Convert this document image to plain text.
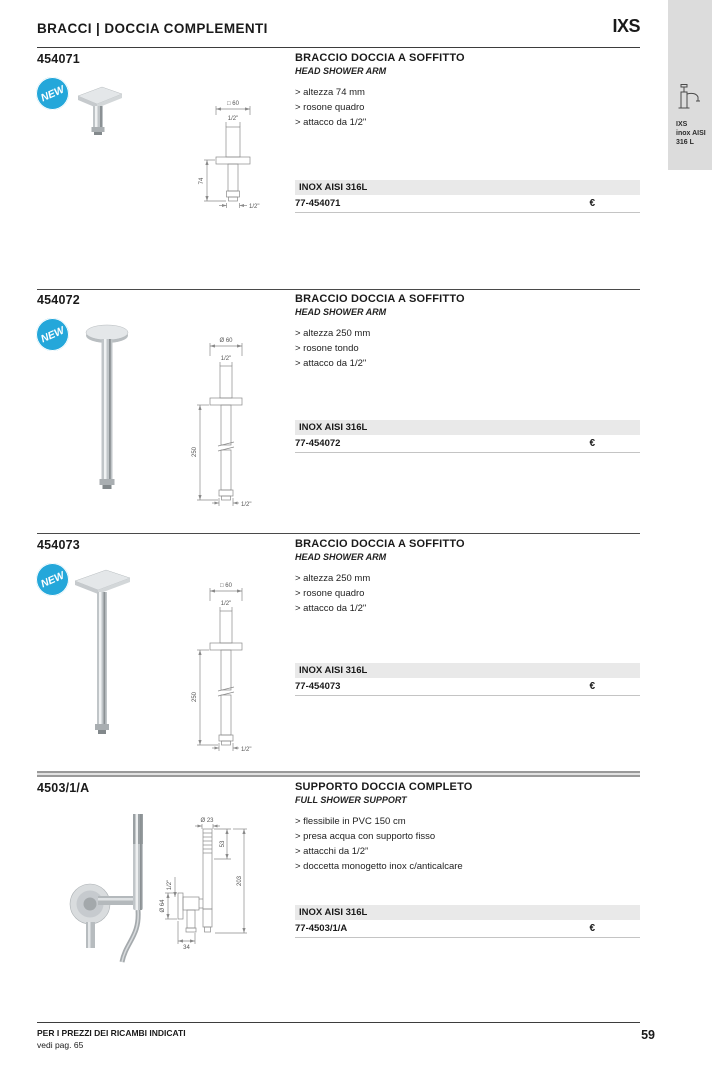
BRACCI | DOCCIA COMPLEMENTI	IXS
IXS
inox AISI
316 L
454071
NEW
□ 60
1/2"
1/2"
74
BRACCIO DOCCIA A SOFFITTO
HEAD SHOWER ARM
> altezza 74 mm
> rosone quadro
> attacco da 1/2"
INOX AISI 316L
77-454071	€
454072
NEW	Ø 60
1/2"
1/2"
250
BRACCIO DOCCIA A SOFFITTO
HEAD SHOWER ARM
> altezza 250 mm
> rosone tondo
> attacco da 1/2"
INOX AISI 316L
77-454072	€
454073
NEW	□ 60
1/2"
1/2"
250
BRACCIO DOCCIA A SOFFITTO
HEAD SHOWER ARM
> altezza 250 mm
> rosone quadro
> attacco da 1/2"
INOX AISI 316L
77-454073	€
4503/1/A
Ø 23
53
203
1/2"
Ø 64
34
SUPPORTO DOCCIA COMPLETO
FULL SHOWER SUPPORT
> flessibile in PVC 150 cm
> presa acqua con supporto fisso
> attacchi da 1/2”
> doccetta monogetto inox c/anticalcare
INOX AISI 316L
77-4503/1/A	€
PER I PREZZI DEI RICAMBI INDICATI
vedi pag. 65
59
